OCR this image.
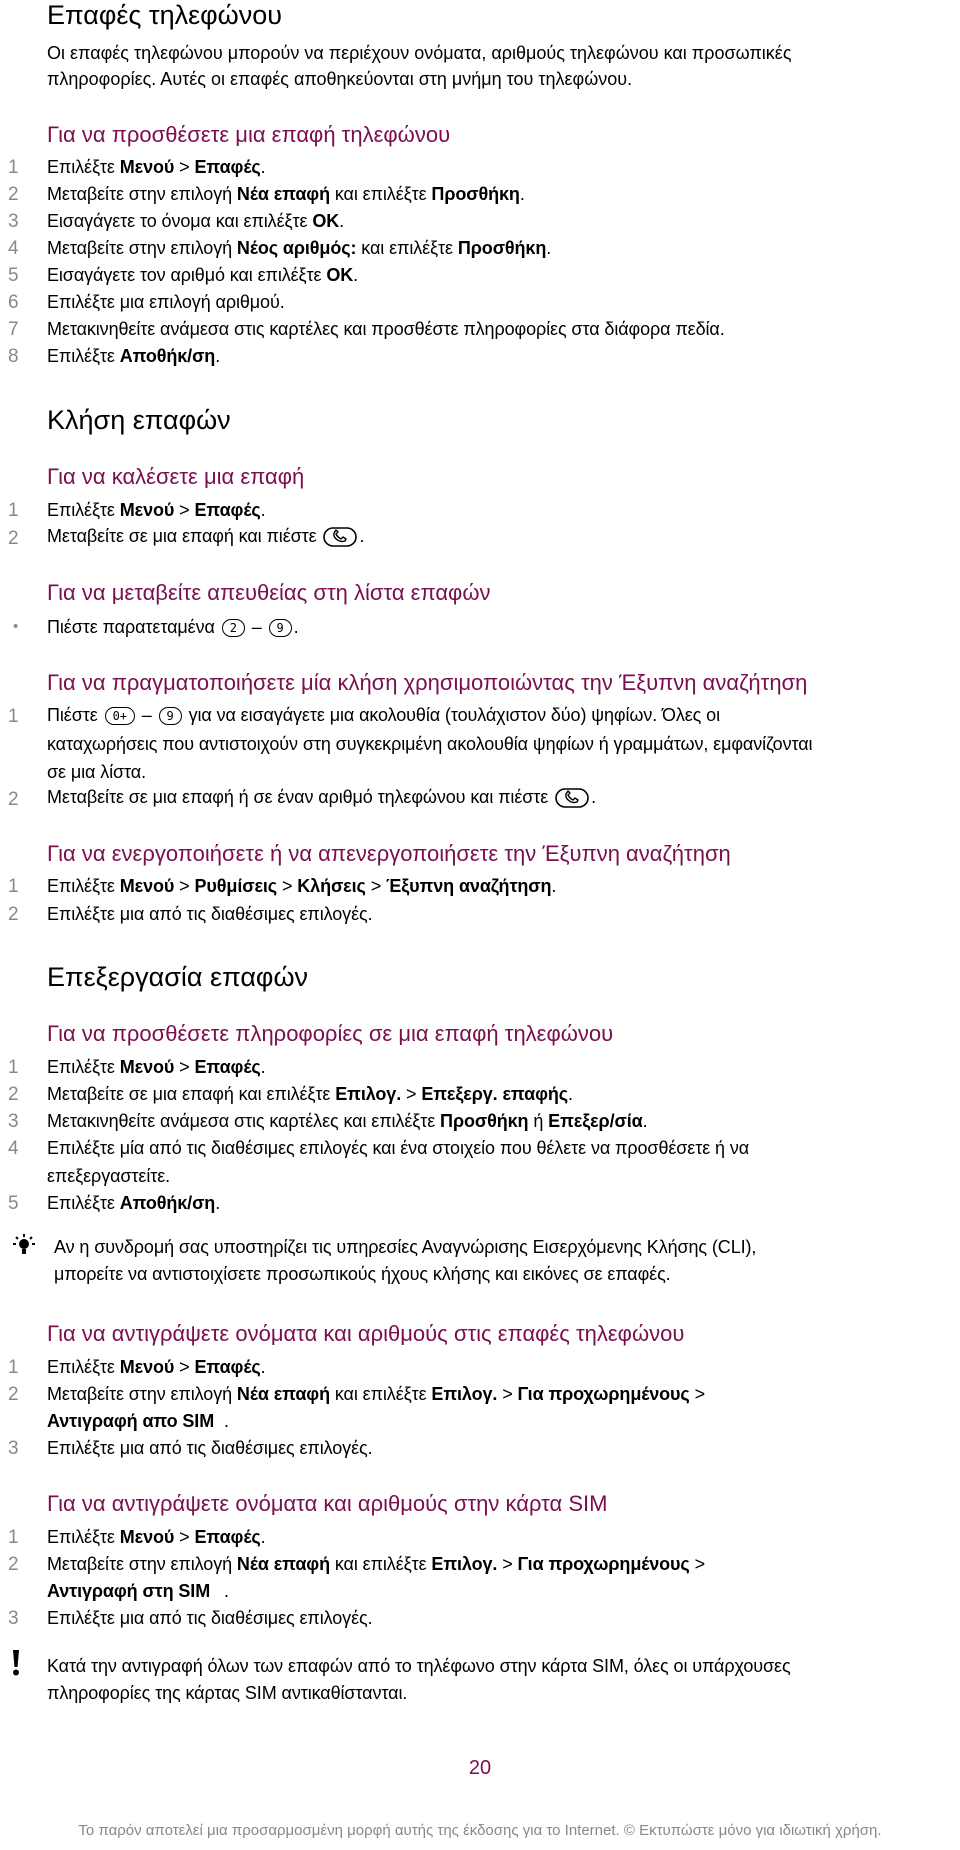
Επαφές τηλεφώνου
Οι επαφές τηλεφώνου μπορούν να περιέχουν ονόματα, αριθμούς τηλεφώνου και προσωπικές
πληροφορίες. Αυτές οι επαφές αποθηκεύονται στη μνήμη του τηλεφώνου.
Για να προσθέσετε μια επαφή τηλεφώνου
1 Επιλέξτε Μενού > Επαφές.
2 Μεταβείτε στην επιλογή Νέα επαφή και επιλέξτε Προσθήκη.
3 Εισαγάγετε το όνομα και επιλέξτε OK.
4 Μεταβείτε στην επιλογή Νέος αριθμός: και επιλέξτε Προσθήκη.
5 Εισαγάγετε τον αριθμό και επιλέξτε OK.
6 Επιλέξτε μια επιλογή αριθμού.
7 Μετακινηθείτε ανάμεσα στις καρτέλες και προσθέστε πληροφορίες στα διάφορα πεδία.
8 Επιλέξτε Αποθήκ/ση.
Κλήση επαφών
Για να καλέσετε μια επαφή
1 Επιλέξτε Μενού > Επαφές.
2 Μεταβείτε σε μια επαφή και πιέστε .
Για να μεταβείτε απευθείας στη λίστα επαφών
• Πιέστε παρατεταμένα 2 – 9 .
Για να πραγματοποιήσετε μία κλήση χρησιμοποιώντας την Έξυπνη αναζήτηση
1 Πιέστε 0+ – 9 για να εισαγάγετε μια ακολουθία (τουλάχιστον δύο) ψηφίων. Όλες οι
καταχωρήσεις που αντιστοιχούν στη συγκεκριμένη ακολουθία ψηφίων ή γραμμάτων, εμφανίζονται
σε μια λίστα.
2 Μεταβείτε σε μια επαφή ή σε έναν αριθμό τηλεφώνου και πιέστε .
Για να ενεργοποιήσετε ή να απενεργοποιήσετε την Έξυπνη αναζήτηση
1 Επιλέξτε Μενού > Ρυθμίσεις > Κλήσεις > Έξυπνη αναζήτηση.
2 Επιλέξτε μια από τις διαθέσιμες επιλογές.
Επεξεργασία επαφών
Για να προσθέσετε πληροφορίες σε μια επαφή τηλεφώνου
1 Επιλέξτε Μενού > Επαφές.
2 Μεταβείτε σε μια επαφή και επιλέξτε Επιλογ. > Επεξεργ. επαφής.
3 Μετακινηθείτε ανάμεσα στις καρτέλες και επιλέξτε Προσθήκη ή Επεξερ/σία.
4 Επιλέξτε μία από τις διαθέσιμες επιλογές και ένα στοιχείο που θέλετε να προσθέσετε ή να
επεξεργαστείτε.
5 Επιλέξτε Αποθήκ/ση.
Αν η συνδρομή σας υποστηρίζει τις υπηρεσίες Αναγνώρισης Εισερχόμενης Κλήσης (CLI),
μπορείτε να αντιστοιχίσετε προσωπικούς ήχους κλήσης και εικόνες σε επαφές.
Για να αντιγράψετε ονόματα και αριθμούς στις επαφές τηλεφώνου
1 Επιλέξτε Μενού > Επαφές.
2 Μεταβείτε στην επιλογή Νέα επαφή και επιλέξτε Επιλογ. > Για προχωρημένους >
Αντιγραφή απο SIM .
3 Επιλέξτε μια από τις διαθέσιμες επιλογές.
Για να αντιγράψετε ονόματα και αριθμούς στην κάρτα SIM
1 Επιλέξτε Μενού > Επαφές.
2 Μεταβείτε στην επιλογή Νέα επαφή και επιλέξτε Επιλογ. > Για προχωρημένους >
Αντιγραφή στη SIM .
3 Επιλέξτε μια από τις διαθέσιμες επιλογές.
Κατά την αντιγραφή όλων των επαφών από το τηλέφωνο στην κάρτα SIM, όλες οι υπάρχουσες
πληροφορίες της κάρτας SIM αντικαθίστανται.
20
Το παρόν αποτελεί μια προσαρμοσμένη μορφή αυτής της έκδοσης για το Internet. © Εκτυπώστε μόνο για ιδιωτική χρήση.
